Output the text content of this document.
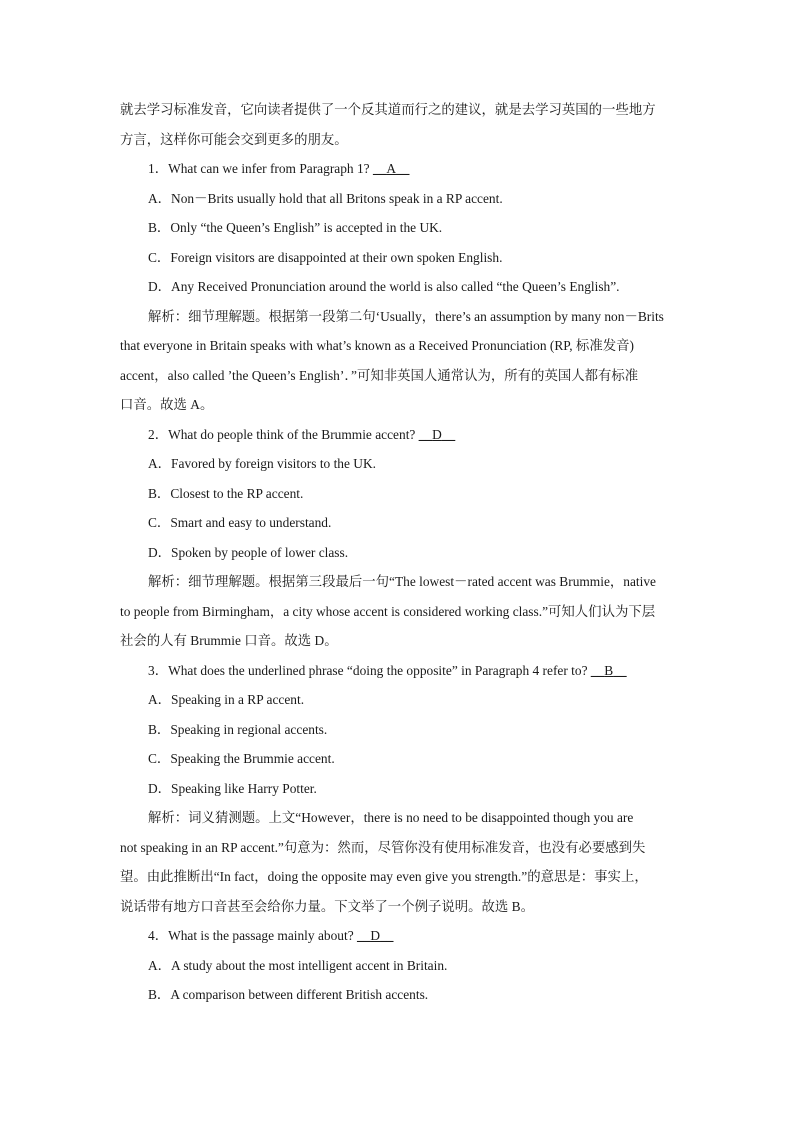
就去学习标准发音，它向读者提供了一个反其道而行之的建议，就是去学习英国的一些地方
方言，这样你可能会交到更多的朋友。
1．What can we infer from Paragraph 1? __A__
A．Non－Brits usually hold that all Britons speak in a RP accent.
B．Only “the Queen’s English” is accepted in the UK.
C．Foreign visitors are disappointed at their own spoken English.
D．Any Received Pronunciation around the world is also called “the Queen’s English”.
解析：细节理解题。根据第一段第二句‘Usually，there’s an assumption by many non－Brits
that everyone in Britain speaks with what’s known as a Received Pronunciation (RP, 标准发音)
accent，also called ’the Queen’s English’．”可知非英国人通常认为，所有的英国人都有标准
口音。故选 A。
2．What do people think of the Brummie accent? __D__
A．Favored by foreign visitors to the UK.
B．Closest to the RP accent.
C．Smart and easy to understand.
D．Spoken by people of lower class.
解析：细节理解题。根据第三段最后一句“The lowest－rated accent was Brummie，native
to people from Birmingham，a city whose accent is considered working class.”可知人们认为下层
社会的人有 Brummie 口音。故选 D。
3．What does the underlined phrase “doing the opposite” in Paragraph 4 refer to? __B__
A．Speaking in a RP accent.
B．Speaking in regional accents.
C．Speaking the Brummie accent.
D．Speaking like Harry Potter.
解析：词义猜测题。上文“However，there is no need to be disappointed though you are
not speaking in an RP accent.”句意为：然而，尽管你没有使用标准发音，也没有必要感到失
望。由此推断出“In fact，doing the opposite may even give you strength.”的意思是：事实上，
说话带有地方口音甚至会给你力量。下文举了一个例子说明。故选 B。
4．What is the passage mainly about? __D__
A．A study about the most intelligent accent in Britain.
B．A comparison between different British accents.
